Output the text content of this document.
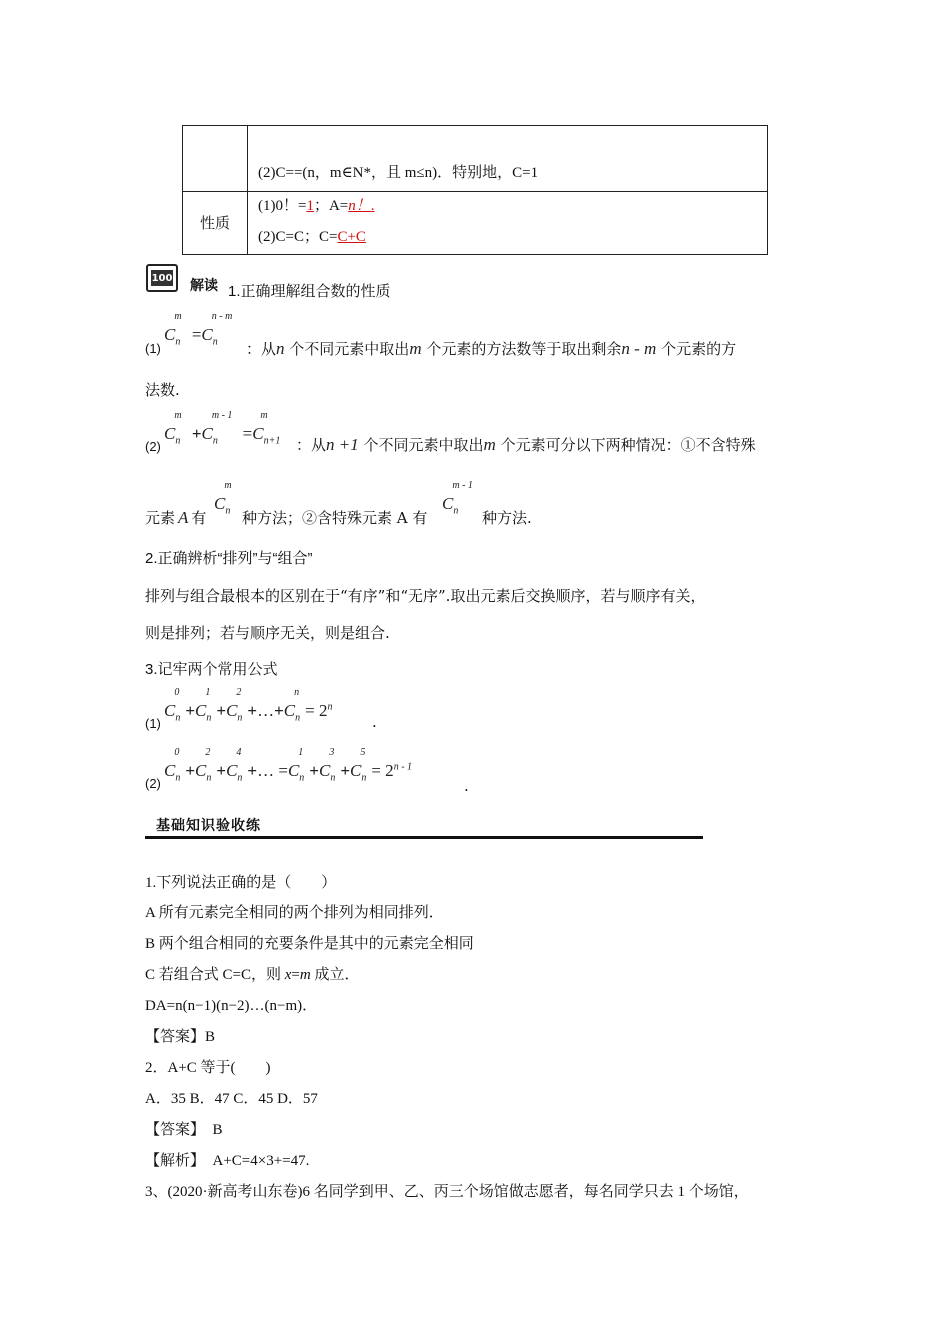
	(2)C==(n，m∈N*，且 m≤n)．特别地，C=1

性质	(1)0！=1；A=n！.
(2)C=C；C=C+C
100 解读 1.正确理解组合数的性质
(1)
$C_n^m =C_n^{n - m}$
：从n 个不同元素中取出m 个元素的方法数等于取出剩余n - m 个元素的方
法数.
(2)
$C_n^m +C_n^{m - 1} =C_{n+1}^m$
：从n +1 个不同元素中取出m 个元素可分以下两种情况：①不含特殊
元素 A 有
$C_n^m$
种方法；②含特殊元素 A 有
$C_n^{m - 1}$
种方法.
2.正确辨析“排列”与“组合”
排列与组合最根本的区别在于“有序”和“无序”.取出元素后交换顺序，若与顺序有关，
则是排列；若与顺序无关，则是组合.
3.记牢两个常用公式
(1)
$C_n^0+C_n^1+C_n^2+\dots+C_n^n= 2^n$
.
(2)
$C_n^0+C_n^2+C_n^4+\dots =C_n^1+C_n^3+C_n^5= 2^{n - 1}$
.
基础知识验收练
1.下列说法正确的是（　　）
A 所有元素完全相同的两个排列为相同排列．
B 两个组合相同的充要条件是其中的元素完全相同
C 若组合式 C=C，则 x=m 成立．
DA=n(n−1)(n−2)…(n−m)．
【答案】B
2．A+C 等于(　　)
A．35 B．47 C．45 D．57
【答案】　B
【解析】　A+C=4×3+=47.
3、(2020·新高考山东卷)6 名同学到甲、乙、丙三个场馆做志愿者，每名同学只去 1 个场馆，
